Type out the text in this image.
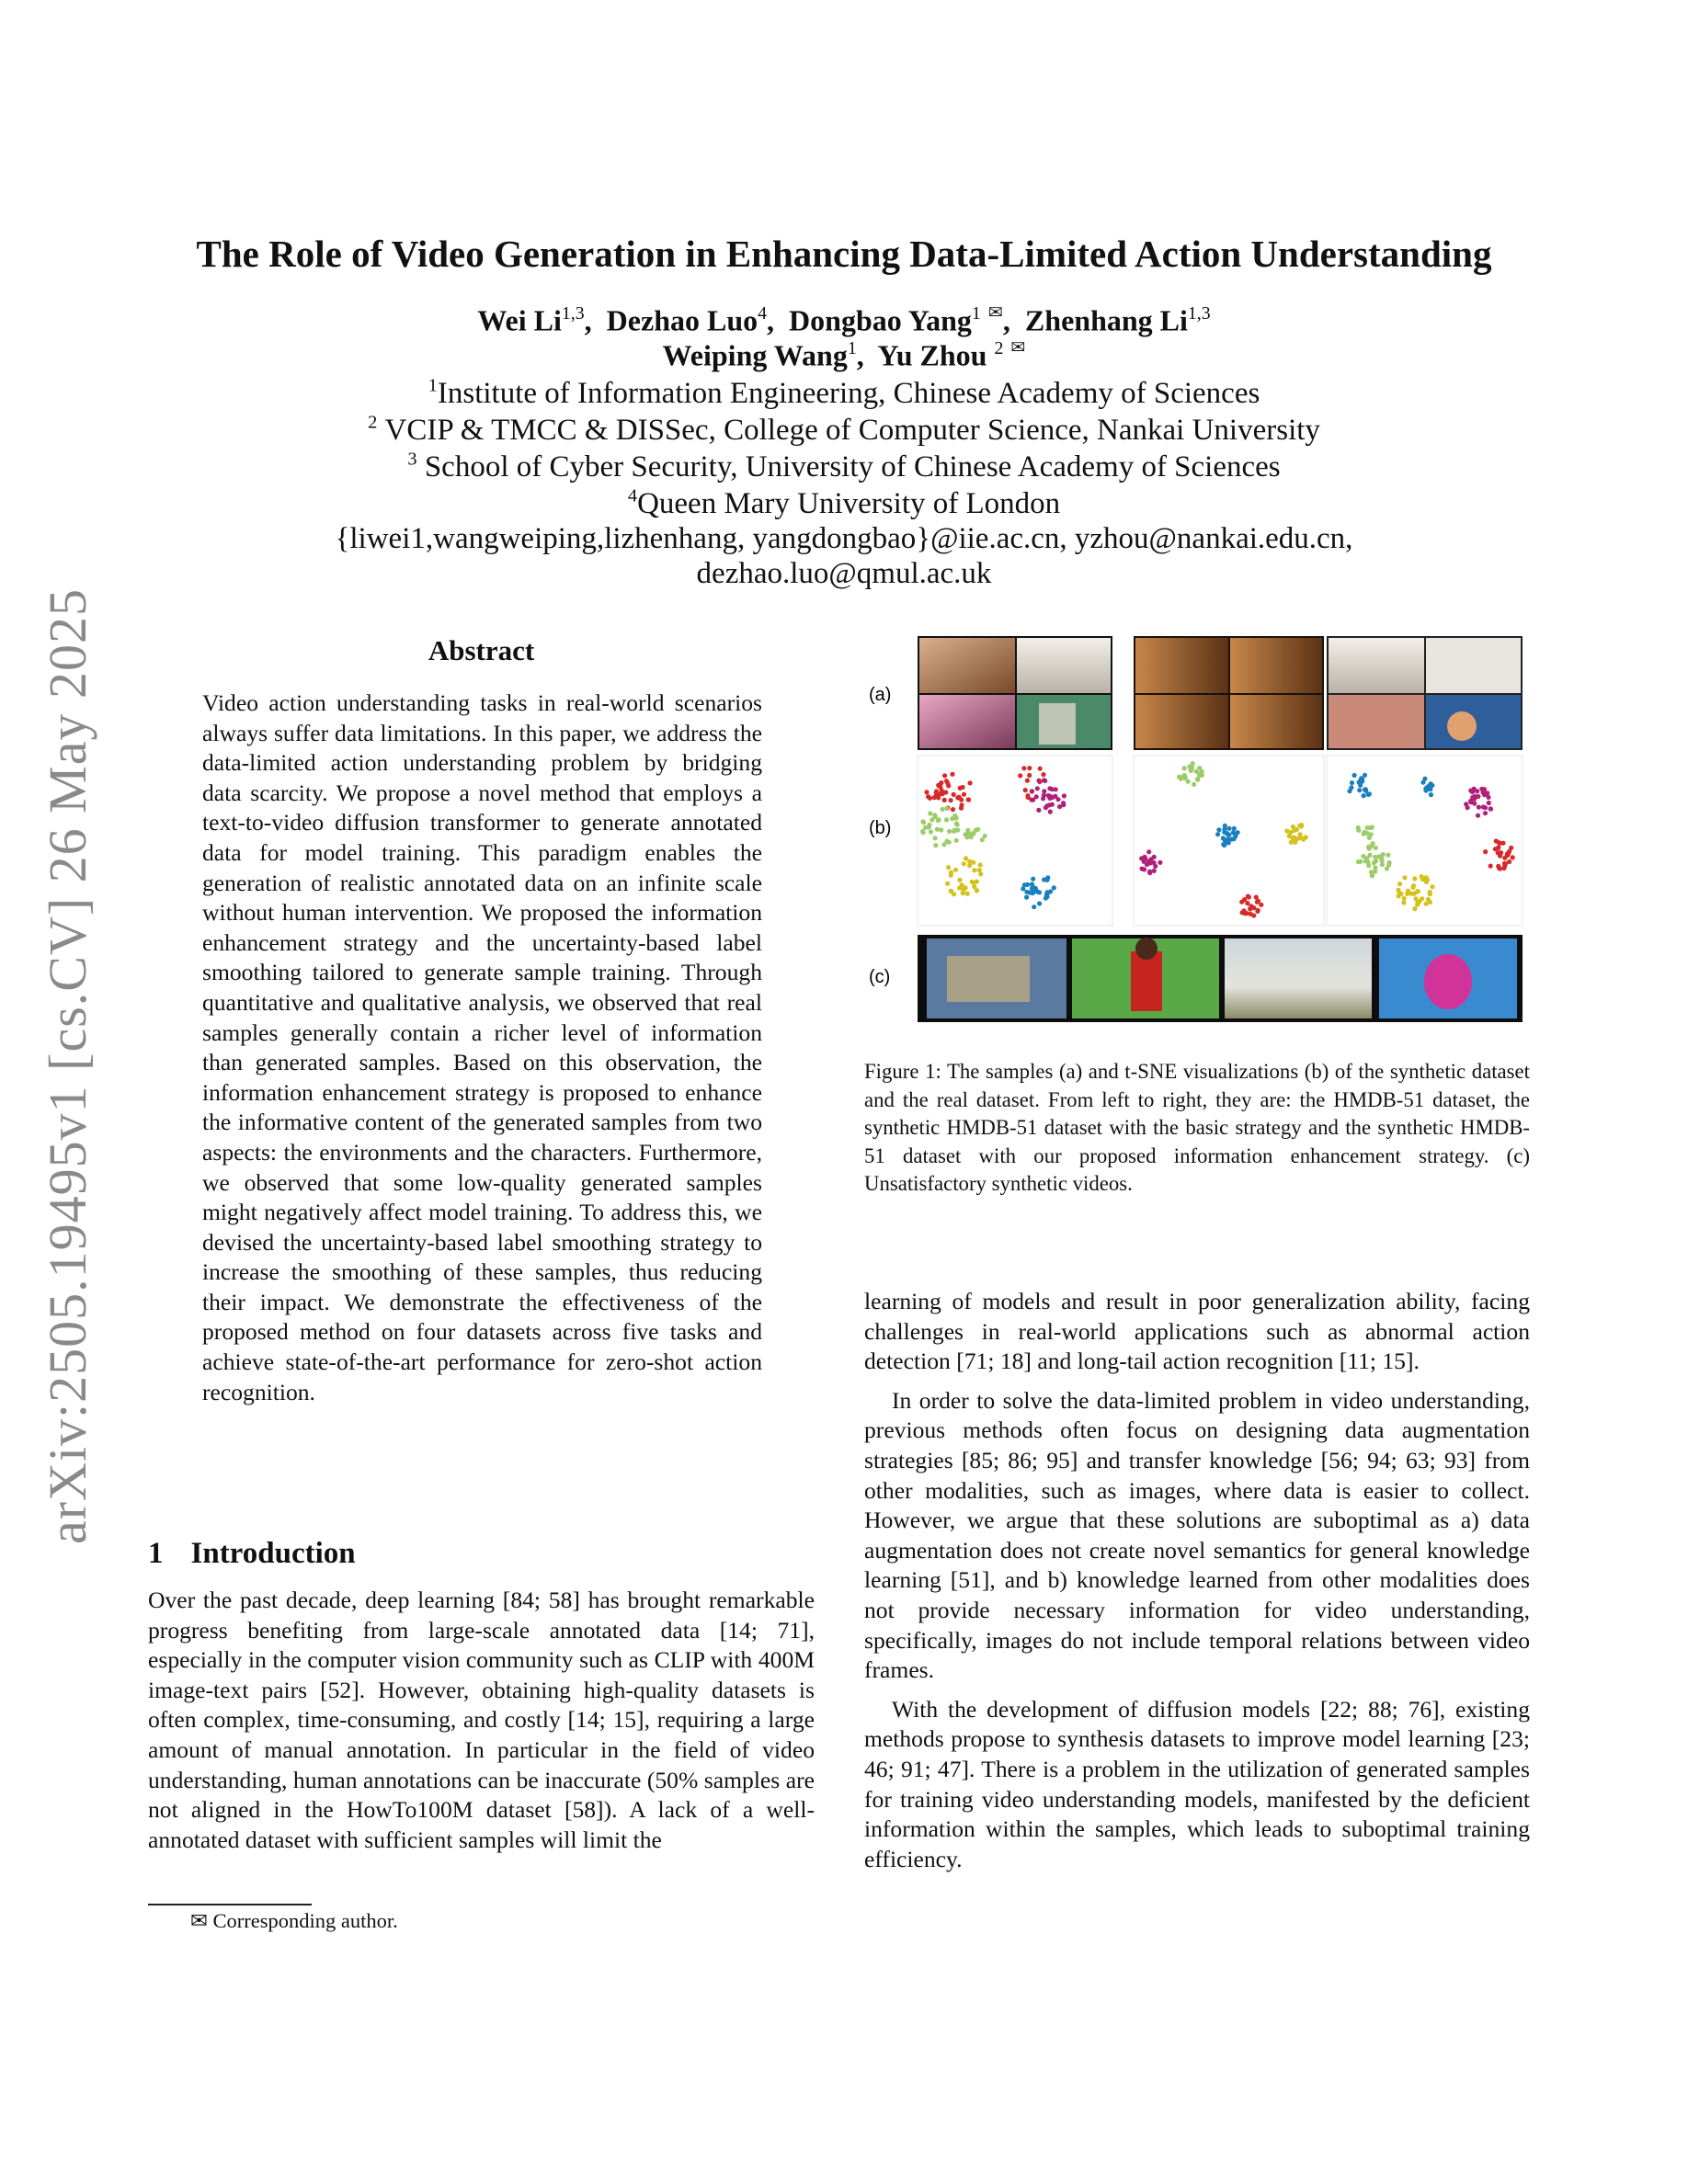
arXiv:2505.19495v1 [cs.CV] 26 May 2025
The Role of Video Generation in Enhancing Data-Limited Action Understanding
Wei Li$^{1,3}$,  Dezhao Luo$^4$,  Dongbao Yang$^1$ ✉,  Zhenhang Li$^{1,3}$
Weiping Wang$^1$,  Yu Zhou $^2$ ✉
$^1$Institute of Information Engineering, Chinese Academy of Sciences
$^2$ VCIP & TMCC & DISSec, College of Computer Science, Nankai University
$^3$ School of Cyber Security, University of Chinese Academy of Sciences
$^4$Queen Mary University of London
{liwei1,wangweiping,lizhenhang, yangdongbao}@iie.ac.cn, yzhou@nankai.edu.cn,
dezhao.luo@qmul.ac.uk
Abstract
Video action understanding tasks in real-world scenarios always suffer data limitations. In this paper, we address the data-limited action understanding problem by bridging data scarcity. We propose a novel method that employs a text-to-video diffusion transformer to generate annotated data for model training. This paradigm enables the generation of realistic annotated data on an infinite scale without human intervention. We proposed the information enhancement strategy and the uncertainty-based label smoothing tailored to generate sample training. Through quantitative and qualitative analysis, we observed that real samples generally contain a richer level of information than generated samples. Based on this observation, the information enhancement strategy is proposed to enhance the informative content of the generated samples from two aspects: the environments and the characters. Furthermore, we observed that some low-quality generated samples might negatively affect model training. To address this, we devised the uncertainty-based label smoothing strategy to increase the smoothing of these samples, thus reducing their impact. We demonstrate the effectiveness of the proposed method on four datasets across five tasks and achieve state-of-the-art performance for zero-shot action recognition.
1 Introduction
Over the past decade, deep learning [84; 58] has brought remarkable progress benefiting from large-scale annotated data [14; 71], especially in the computer vision community such as CLIP with 400M image-text pairs [52]. However, obtaining high-quality datasets is often complex, time-consuming, and costly [14; 15], requiring a large amount of manual annotation. In particular in the field of video understanding, human annotations can be inaccurate (50% samples are not aligned in the HowTo100M dataset [58]). A lack of a well-annotated dataset with sufficient samples will limit the
✉ Corresponding author.
(a)
(b)
(c)
Figure 1: The samples (a) and t-SNE visualizations (b) of the synthetic dataset and the real dataset. From left to right, they are: the HMDB-51 dataset, the synthetic HMDB-51 dataset with the basic strategy and the synthetic HMDB-51 dataset with our proposed information enhancement strategy. (c) Unsatisfactory synthetic videos.

learning of models and result in poor generalization ability, facing challenges in real-world applications such as abnormal action detection [71; 18] and long-tail action recognition [11; 15].

In order to solve the data-limited problem in video understanding, previous methods often focus on designing data augmentation strategies [85; 86; 95] and transfer knowledge [56; 94; 63; 93] from other modalities, such as images, where data is easier to collect. However, we argue that these solutions are suboptimal as a) data augmentation does not create novel semantics for general knowledge learning [51], and b) knowledge learned from other modalities does not provide necessary information for video understanding, specifically, images do not include temporal relations between video frames.

With the development of diffusion models [22; 88; 76], existing methods propose to synthesis datasets to improve model learning [23; 46; 91; 47]. There is a problem in the utilization of generated samples for training video understanding models, manifested by the deficient information within the samples, which leads to suboptimal training efficiency.
